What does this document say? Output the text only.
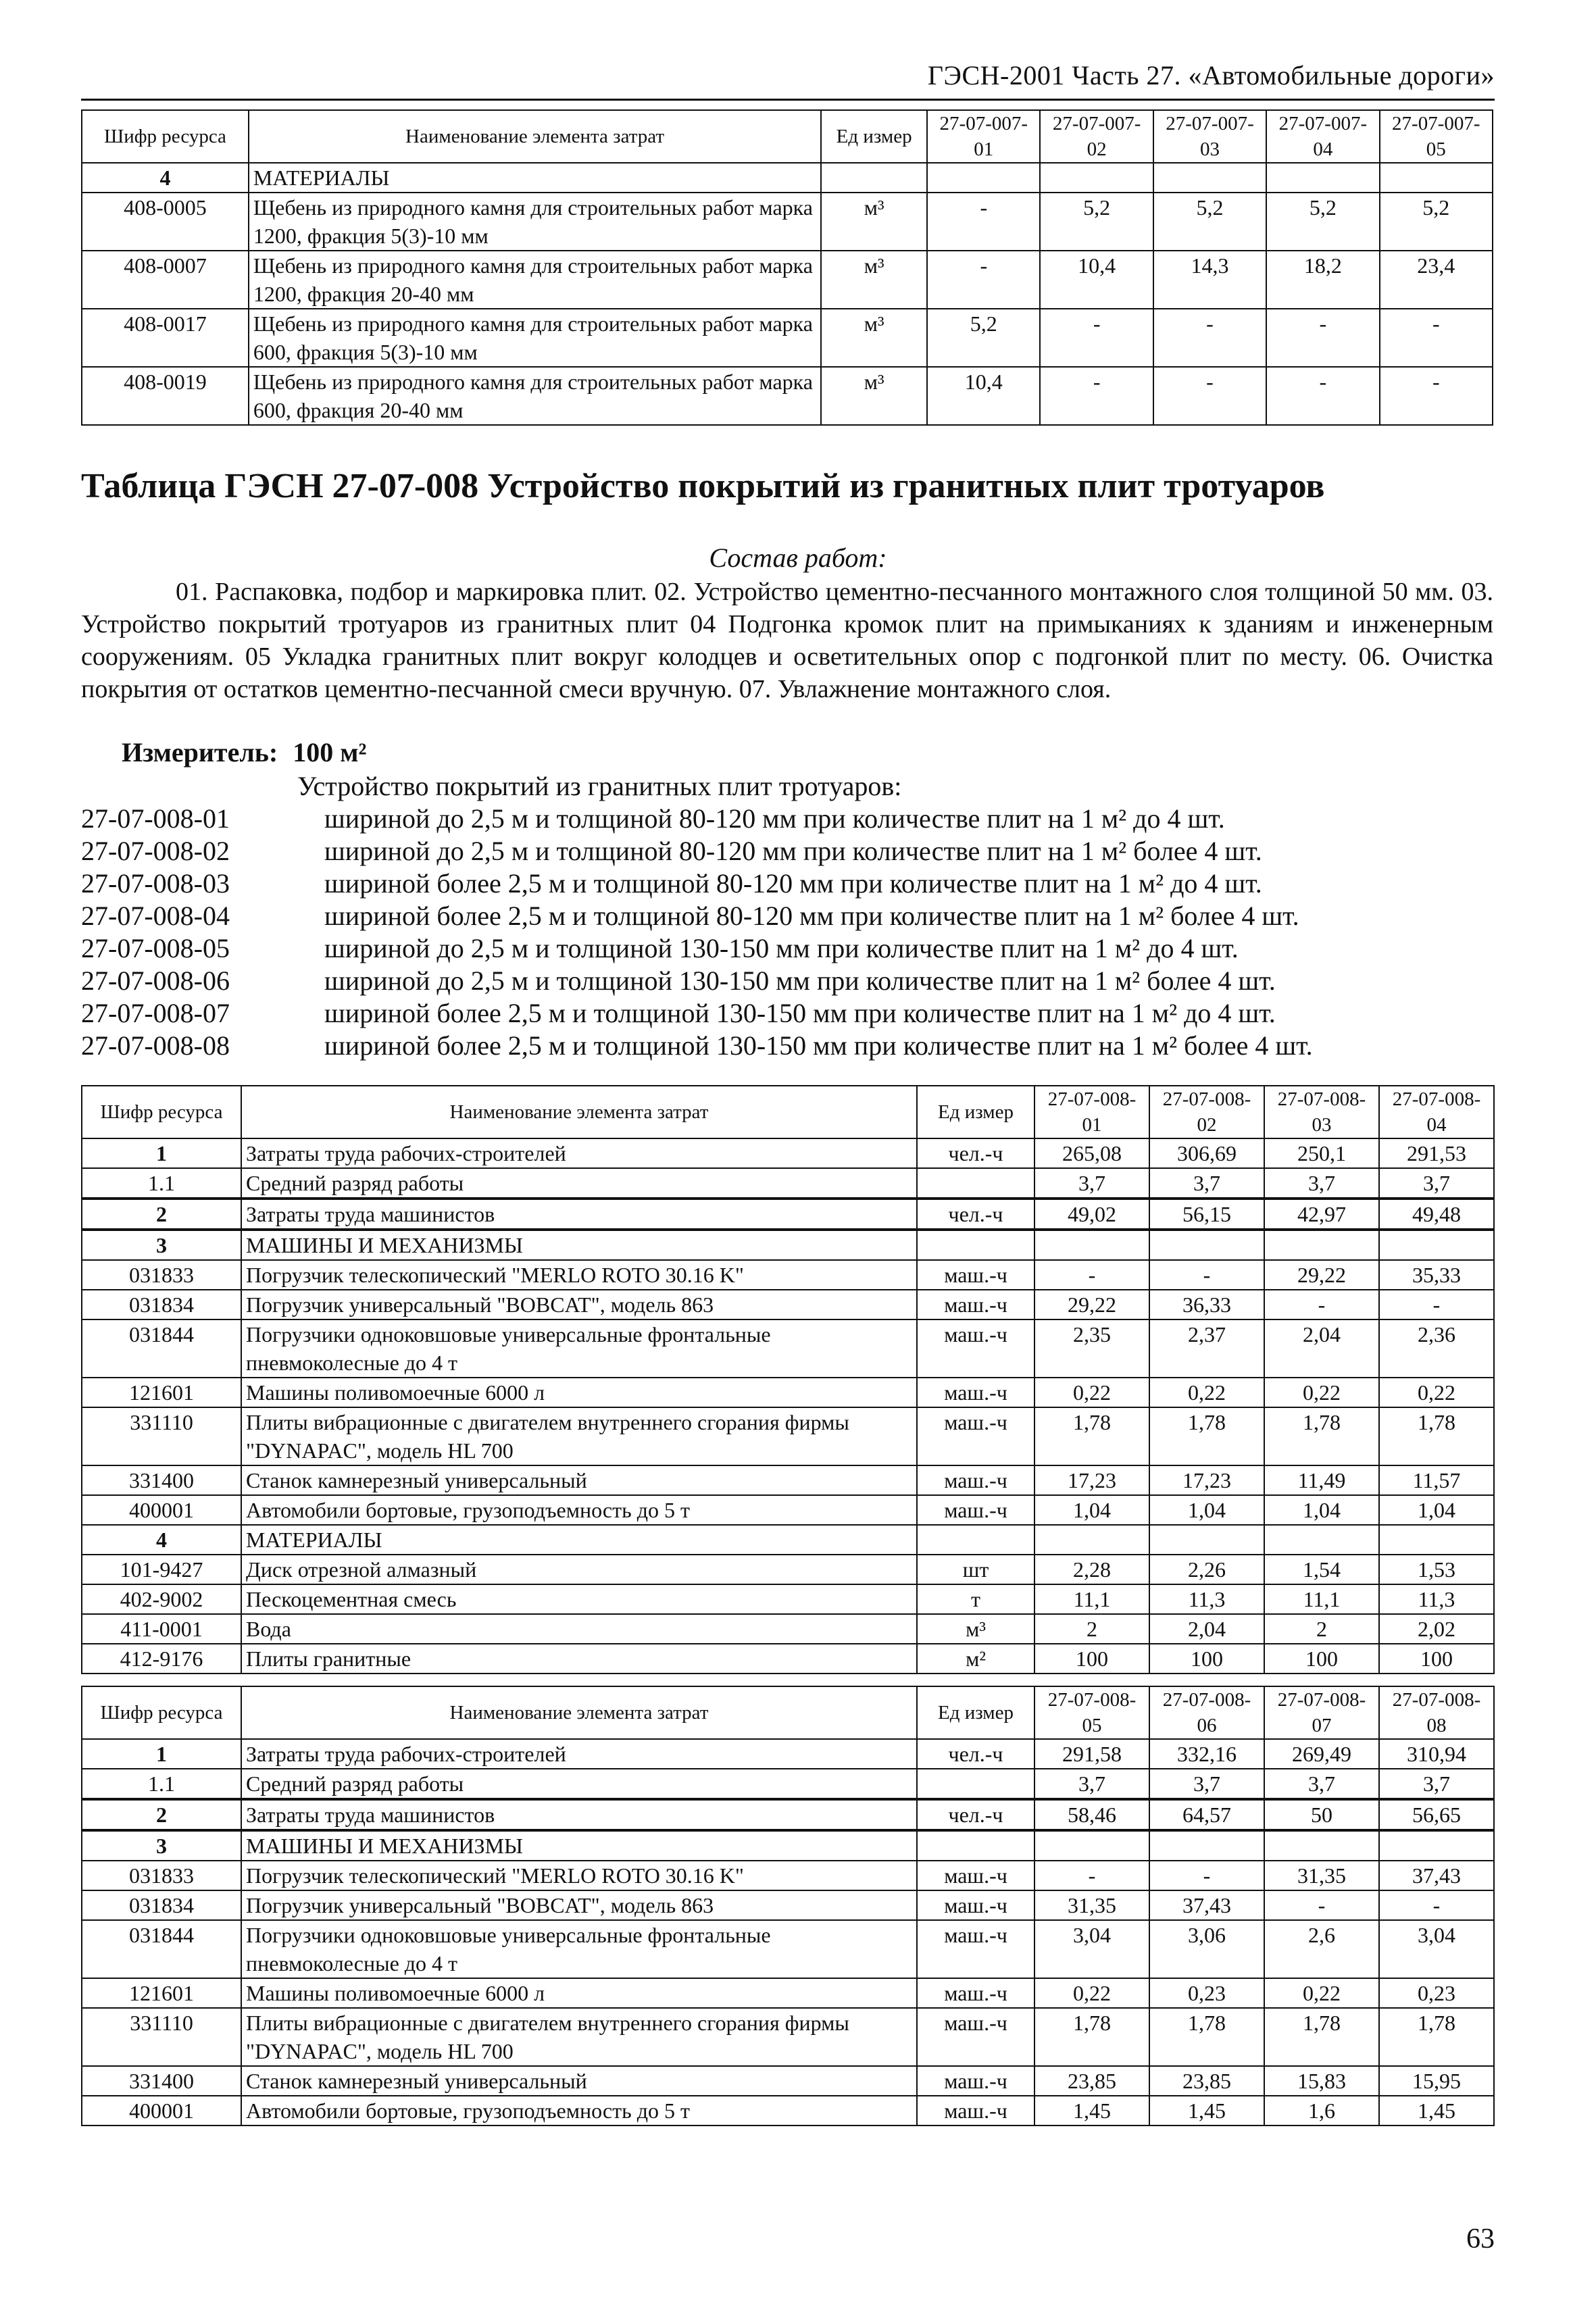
ГЭСН-2001 Часть 27. «Автомобильные дороги»
Шифр ресурса	Наименование элемента затрат	Ед измер	27-07-007-01	27-07-007-02	27-07-007-03	27-07-007-04	27-07-007-05
4	МАТЕРИАЛЫ						
408-0005	Щебень из природного камня для строительных работ марка 1200, фракция 5(3)-10 мм	м³	-	5,2	5,2	5,2	5,2
408-0007	Щебень из природного камня для строительных работ марка 1200, фракция 20-40 мм	м³	-	10,4	14,3	18,2	23,4
408-0017	Щебень из природного камня для строительных работ марка 600, фракция 5(3)-10 мм	м³	5,2	-	-	-	-
408-0019	Щебень из природного камня для строительных работ марка 600, фракция 20-40 мм	м³	10,4	-	-	-	-
Таблица ГЭСН 27-07-008 Устройство покрытий из гранитных плит тротуаров
Состав работ:
01. Распаковка, подбор и маркировка плит. 02. Устройство цементно-песчанного монтажного слоя толщиной 50 мм. 03. Устройство покрытий тротуаров из гранитных плит 04 Подгонка кромок плит на примыканиях к зданиям и инженерным сооружениям. 05 Укладка гранитных плит вокруг колодцев и осветительных опор с подгонкой плит по месту. 06. Очистка покрытия от остатков цементно-песчанной смеси вручную. 07. Увлажнение монтажного слоя.
Измеритель: 100 м²
Устройство покрытий из гранитных плит тротуаров:
27-07-008-01	шириной до 2,5 м и толщиной 80-120 мм при количестве плит на 1 м² до 4 шт.
27-07-008-02	шириной до 2,5 м и толщиной 80-120 мм при количестве плит на 1 м² более 4 шт.
27-07-008-03	шириной более 2,5 м и толщиной 80-120 мм при количестве плит на 1 м² до 4 шт.
27-07-008-04	шириной более 2,5 м и толщиной 80-120 мм при количестве плит на 1 м² более 4 шт.
27-07-008-05	шириной до 2,5 м и толщиной 130-150 мм при количестве плит на 1 м² до 4 шт.
27-07-008-06	шириной до 2,5 м и толщиной 130-150 мм при количестве плит на 1 м² более 4 шт.
27-07-008-07	шириной более 2,5 м и толщиной 130-150 мм при количестве плит на 1 м² до 4 шт.
27-07-008-08	шириной более 2,5 м и толщиной 130-150 мм при количестве плит на 1 м² более 4 шт.
Шифр ресурса	Наименование элемента затрат	Ед измер	27-07-008-01	27-07-008-02	27-07-008-03	27-07-008-04
1	Затраты труда рабочих-строителей	чел.-ч	265,08	306,69	250,1	291,53
1.1	Средний разряд работы		3,7	3,7	3,7	3,7
2	Затраты труда машинистов	чел.-ч	49,02	56,15	42,97	49,48
3	МАШИНЫ И МЕХАНИЗМЫ					
031833	Погрузчик телескопический "MERLO ROTO 30.16 K"	маш.-ч	-	-	29,22	35,33
031834	Погрузчик универсальный "BOBCAT", модель 863	маш.-ч	29,22	36,33	-	-
031844	Погрузчики одноковшовые универсальные фронтальные пневмоколесные до 4 т	маш.-ч	2,35	2,37	2,04	2,36
121601	Машины поливомоечные 6000 л	маш.-ч	0,22	0,22	0,22	0,22
331110	Плиты вибрационные с двигателем внутреннего сгорания фирмы "DYNAPAC", модель HL 700	маш.-ч	1,78	1,78	1,78	1,78
331400	Станок камнерезный универсальный	маш.-ч	17,23	17,23	11,49	11,57
400001	Автомобили бортовые, грузоподъемность до 5 т	маш.-ч	1,04	1,04	1,04	1,04
4	МАТЕРИАЛЫ					
101-9427	Диск отрезной алмазный	шт	2,28	2,26	1,54	1,53
402-9002	Пескоцементная смесь	т	11,1	11,3	11,1	11,3
411-0001	Вода	м³	2	2,04	2	2,02
412-9176	Плиты гранитные	м²	100	100	100	100
Шифр ресурса	Наименование элемента затрат	Ед измер	27-07-008-05	27-07-008-06	27-07-008-07	27-07-008-08
1	Затраты труда рабочих-строителей	чел.-ч	291,58	332,16	269,49	310,94
1.1	Средний разряд работы		3,7	3,7	3,7	3,7
2	Затраты труда машинистов	чел.-ч	58,46	64,57	50	56,65
3	МАШИНЫ И МЕХАНИЗМЫ					
031833	Погрузчик телескопический "MERLO ROTO 30.16 K"	маш.-ч	-	-	31,35	37,43
031834	Погрузчик универсальный "BOBCAT", модель 863	маш.-ч	31,35	37,43	-	-
031844	Погрузчики одноковшовые универсальные фронтальные пневмоколесные до 4 т	маш.-ч	3,04	3,06	2,6	3,04
121601	Машины поливомоечные 6000 л	маш.-ч	0,22	0,23	0,22	0,23
331110	Плиты вибрационные с двигателем внутреннего сгорания фирмы "DYNAPAC", модель HL 700	маш.-ч	1,78	1,78	1,78	1,78
331400	Станок камнерезный универсальный	маш.-ч	23,85	23,85	15,83	15,95
400001	Автомобили бортовые, грузоподъемность до 5 т	маш.-ч	1,45	1,45	1,6	1,45
63
